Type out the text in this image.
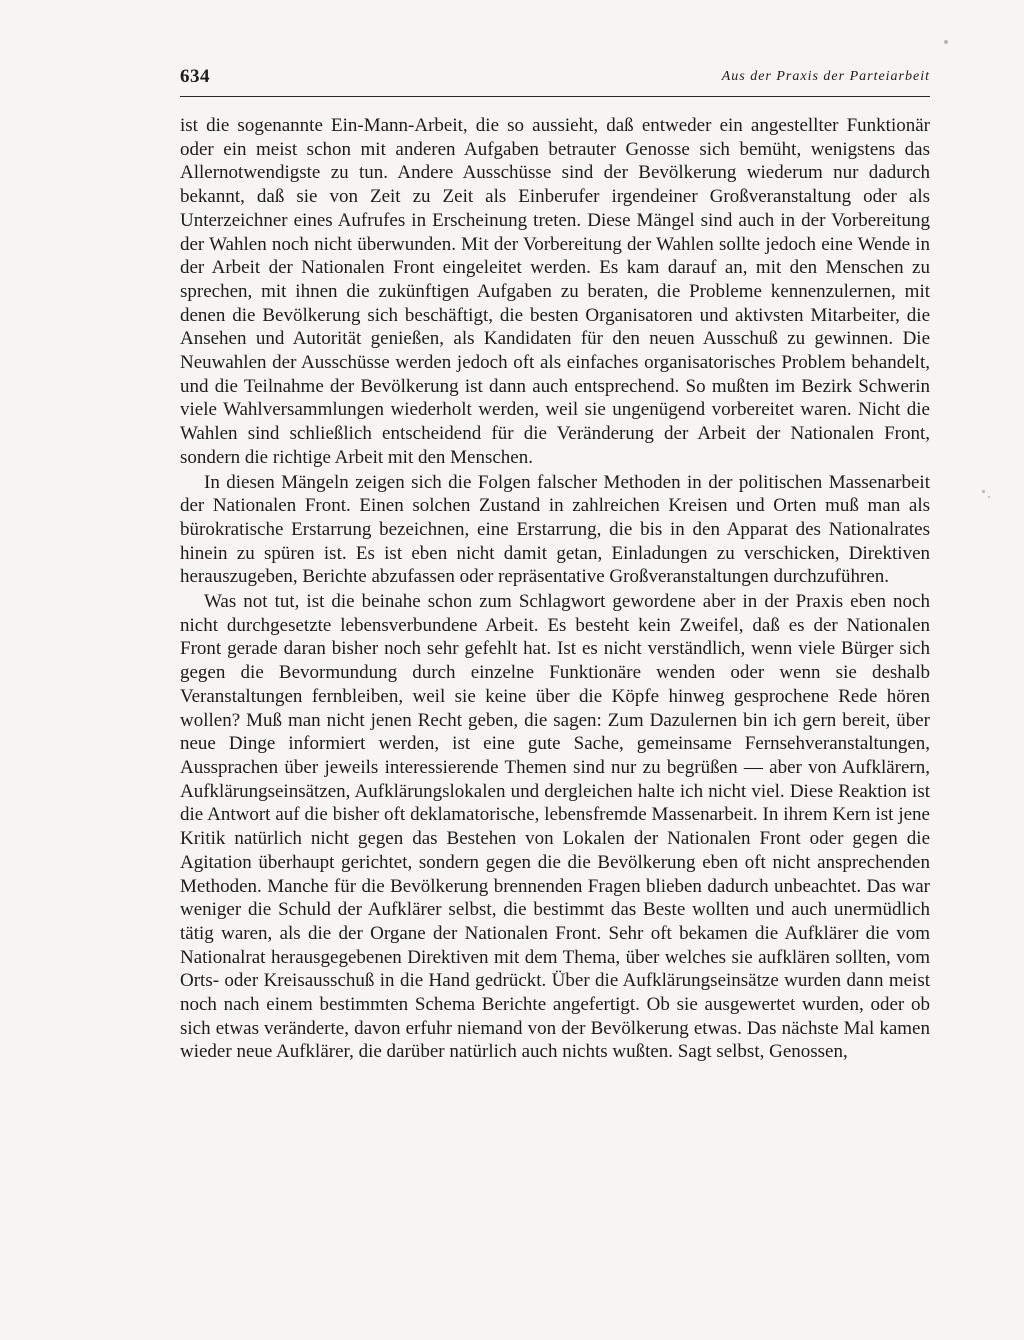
634	Aus der Praxis der Parteiarbeit

ist die sogenannte Ein-Mann-Arbeit, die so aussieht, daß entweder ein angestellter Funktionär oder ein meist schon mit anderen Aufgaben betrauter Genosse sich bemüht, wenigstens das Allernotwendigste zu tun. Andere Ausschüsse sind der Bevölkerung wiederum nur dadurch bekannt, daß sie von Zeit zu Zeit als Einberufer irgendeiner Großveranstaltung oder als Unterzeichner eines Aufrufes in Erscheinung treten. Diese Mängel sind auch in der Vorbereitung der Wahlen noch nicht überwunden. Mit der Vorbereitung der Wahlen sollte jedoch eine Wende in der Arbeit der Nationalen Front eingeleitet werden. Es kam darauf an, mit den Menschen zu sprechen, mit ihnen die zukünftigen Aufgaben zu beraten, die Probleme kennenzulernen, mit denen die Bevölkerung sich beschäftigt, die besten Organisatoren und aktivsten Mitarbeiter, die Ansehen und Autorität genießen, als Kandidaten für den neuen Ausschuß zu gewinnen. Die Neuwahlen der Ausschüsse werden jedoch oft als einfaches organisatorisches Problem behandelt, und die Teilnahme der Bevölkerung ist dann auch entsprechend. So mußten im Bezirk Schwerin viele Wahlversammlungen wiederholt werden, weil sie ungenügend vorbereitet waren. Nicht die Wahlen sind schließlich entscheidend für die Veränderung der Arbeit der Nationalen Front, sondern die richtige Arbeit mit den Menschen.

In diesen Mängeln zeigen sich die Folgen falscher Methoden in der politischen Massenarbeit der Nationalen Front. Einen solchen Zustand in zahlreichen Kreisen und Orten muß man als bürokratische Erstarrung bezeichnen, eine Erstarrung, die bis in den Apparat des Nationalrates hinein zu spüren ist. Es ist eben nicht damit getan, Einladungen zu verschicken, Direktiven herauszugeben, Berichte abzufassen oder repräsentative Großveranstaltungen durchzuführen.

Was not tut, ist die beinahe schon zum Schlagwort gewordene aber in der Praxis eben noch nicht durchgesetzte lebensverbundene Arbeit. Es besteht kein Zweifel, daß es der Nationalen Front gerade daran bisher noch sehr gefehlt hat. Ist es nicht verständlich, wenn viele Bürger sich gegen die Bevormundung durch einzelne Funktionäre wenden oder wenn sie deshalb Veranstaltungen fernbleiben, weil sie keine über die Köpfe hinweg gesprochene Rede hören wollen? Muß man nicht jenen Recht geben, die sagen: Zum Dazulernen bin ich gern bereit, über neue Dinge informiert werden, ist eine gute Sache, gemeinsame Fernsehveranstaltungen, Aussprachen über jeweils interessierende Themen sind nur zu begrüßen — aber von Aufklärern, Aufklärungseinsätzen, Aufklärungslokalen und dergleichen halte ich nicht viel. Diese Reaktion ist die Antwort auf die bisher oft deklamatorische, lebensfremde Massenarbeit. In ihrem Kern ist jene Kritik natürlich nicht gegen das Bestehen von Lokalen der Nationalen Front oder gegen die Agitation überhaupt gerichtet, sondern gegen die die Bevölkerung eben oft nicht ansprechenden Methoden. Manche für die Bevölkerung brennenden Fragen blieben dadurch unbeachtet. Das war weniger die Schuld der Aufklärer selbst, die bestimmt das Beste wollten und auch unermüdlich tätig waren, als die der Organe der Nationalen Front. Sehr oft bekamen die Aufklärer die vom Nationalrat herausgegebenen Direktiven mit dem Thema, über welches sie aufklären sollten, vom Orts- oder Kreisausschuß in die Hand gedrückt. Über die Aufklärungseinsätze wurden dann meist noch nach einem bestimmten Schema Berichte angefertigt. Ob sie ausgewertet wurden, oder ob sich etwas veränderte, davon erfuhr niemand von der Bevölkerung etwas. Das nächste Mal kamen wieder neue Aufklärer, die darüber natürlich auch nichts wußten. Sagt selbst, Genossen,
